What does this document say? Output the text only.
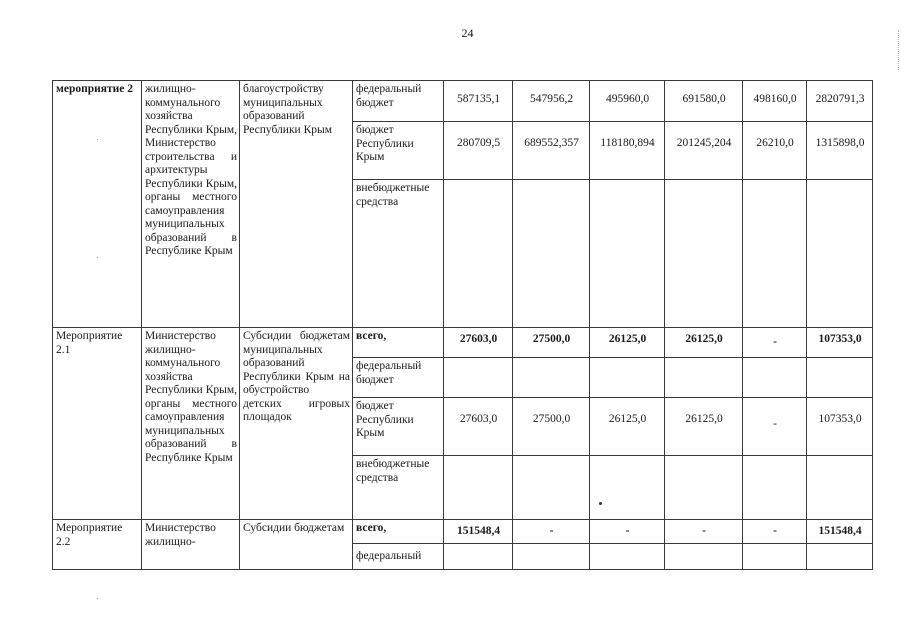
24
мероприятие 2	жилищно-коммунального хозяйства Республики Крым, Министерство строительства и архитектуры Республики Крым, органы местного самоуправления муниципальных образований в Республике Крым	благоустройству муниципальных образований Республики Крым	федеральный бюджет	587135,1	547956,2	495960,0	691580,0	498160,0	2820791,3
			бюджет Республики Крым	280709,5	689552,357	118180,894	201245,204	26210,0	1315898,0
			внебюджетные средства						
Мероприятие 2.1	Министерство жилищно-коммунального хозяйства Республики Крым, органы местного самоуправления муниципальных образований в Республике Крым	Субсидии бюджетам муниципальных образований Республики Крым на обустройство детских игровых площадок	всего,	27603,0	27500,0	26125,0	26125,0	-	107353,0
			федеральный бюджет						
			бюджет Республики Крым	27603,0	27500,0	26125,0	26125,0	-	107353,0
			внебюджетные средства						
Мероприятие 2.2	Министерство жилищно-	Субсидии бюджетам	всего,	151548,4	-	-	-	-	151548,4
			федеральный						
